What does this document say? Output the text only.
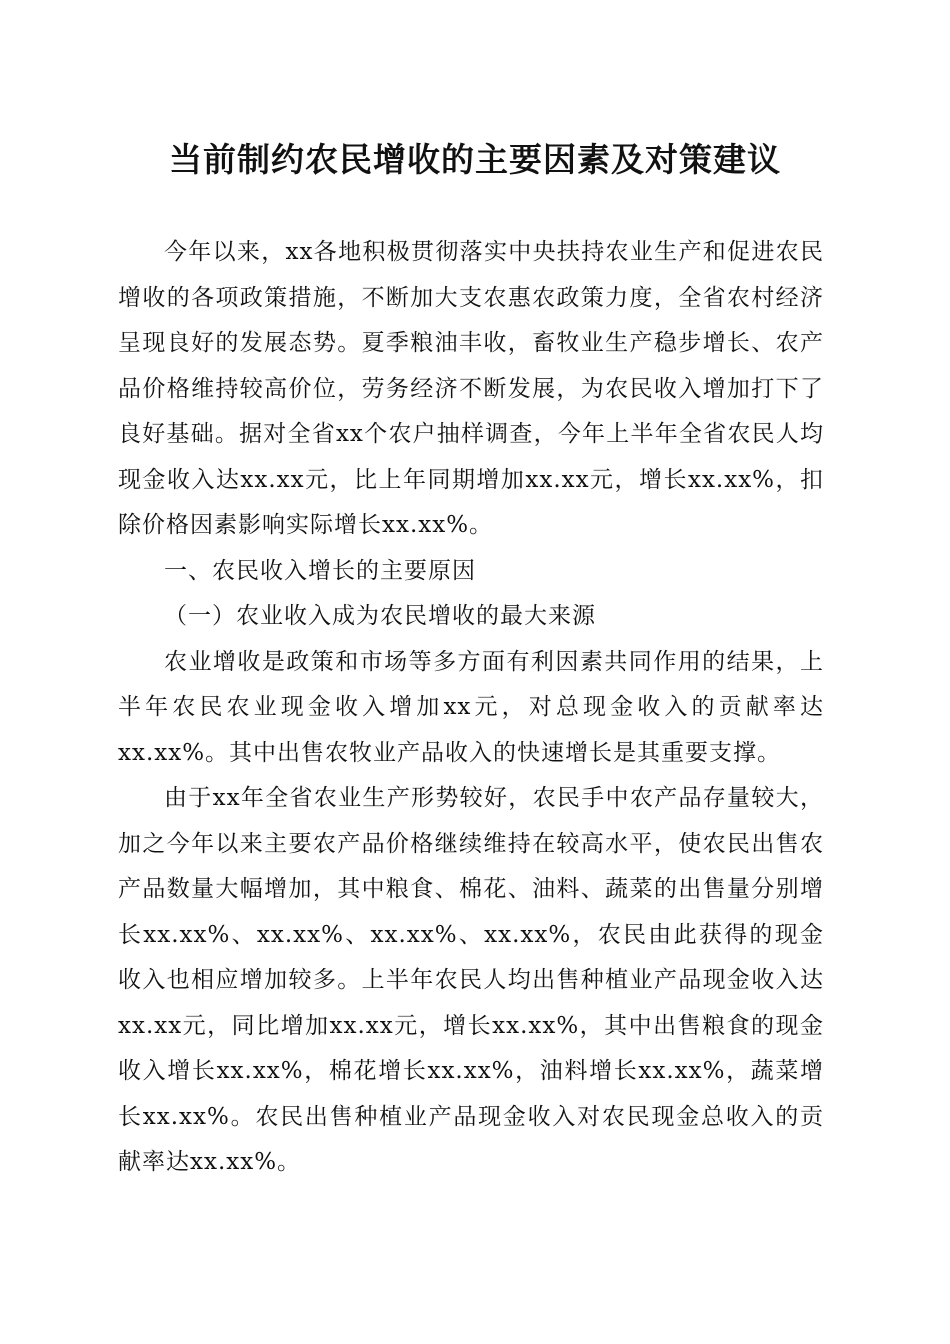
当前制约农民增收的主要因素及对策建议

今年以来，xx各地积极贯彻落实中央扶持农业生产和促进农民增收的各项政策措施，不断加大支农惠农政策力度，全省农村经济呈现良好的发展态势。夏季粮油丰收，畜牧业生产稳步增长、农产品价格维持较高价位，劳务经济不断发展，为农民收入增加打下了良好基础。据对全省xx个农户抽样调查，今年上半年全省农民人均现金收入达xx.xx元，比上年同期增加xx.xx元，增长xx.xx%，扣除价格因素影响实际增长xx.xx%。

一、农民收入增长的主要原因

（一）农业收入成为农民增收的最大来源

农业增收是政策和市场等多方面有利因素共同作用的结果，上半年农民农业现金收入增加xx元，对总现金收入的贡献率达xx.xx%。其中出售农牧业产品收入的快速增长是其重要支撑。

由于xx年全省农业生产形势较好，农民手中农产品存量较大，加之今年以来主要农产品价格继续维持在较高水平，使农民出售农产品数量大幅增加，其中粮食、棉花、油料、蔬菜的出售量分别增长xx.xx%、xx.xx%、xx.xx%、xx.xx%，农民由此获得的现金收入也相应增加较多。上半年农民人均出售种植业产品现金收入达xx.xx元，同比增加xx.xx元，增长xx.xx%，其中出售粮食的现金收入增长xx.xx%，棉花增长xx.xx%，油料增长xx.xx%，蔬菜增长xx.xx%。农民出售种植业产品现金收入对农民现金总收入的贡献率达xx.xx%。
